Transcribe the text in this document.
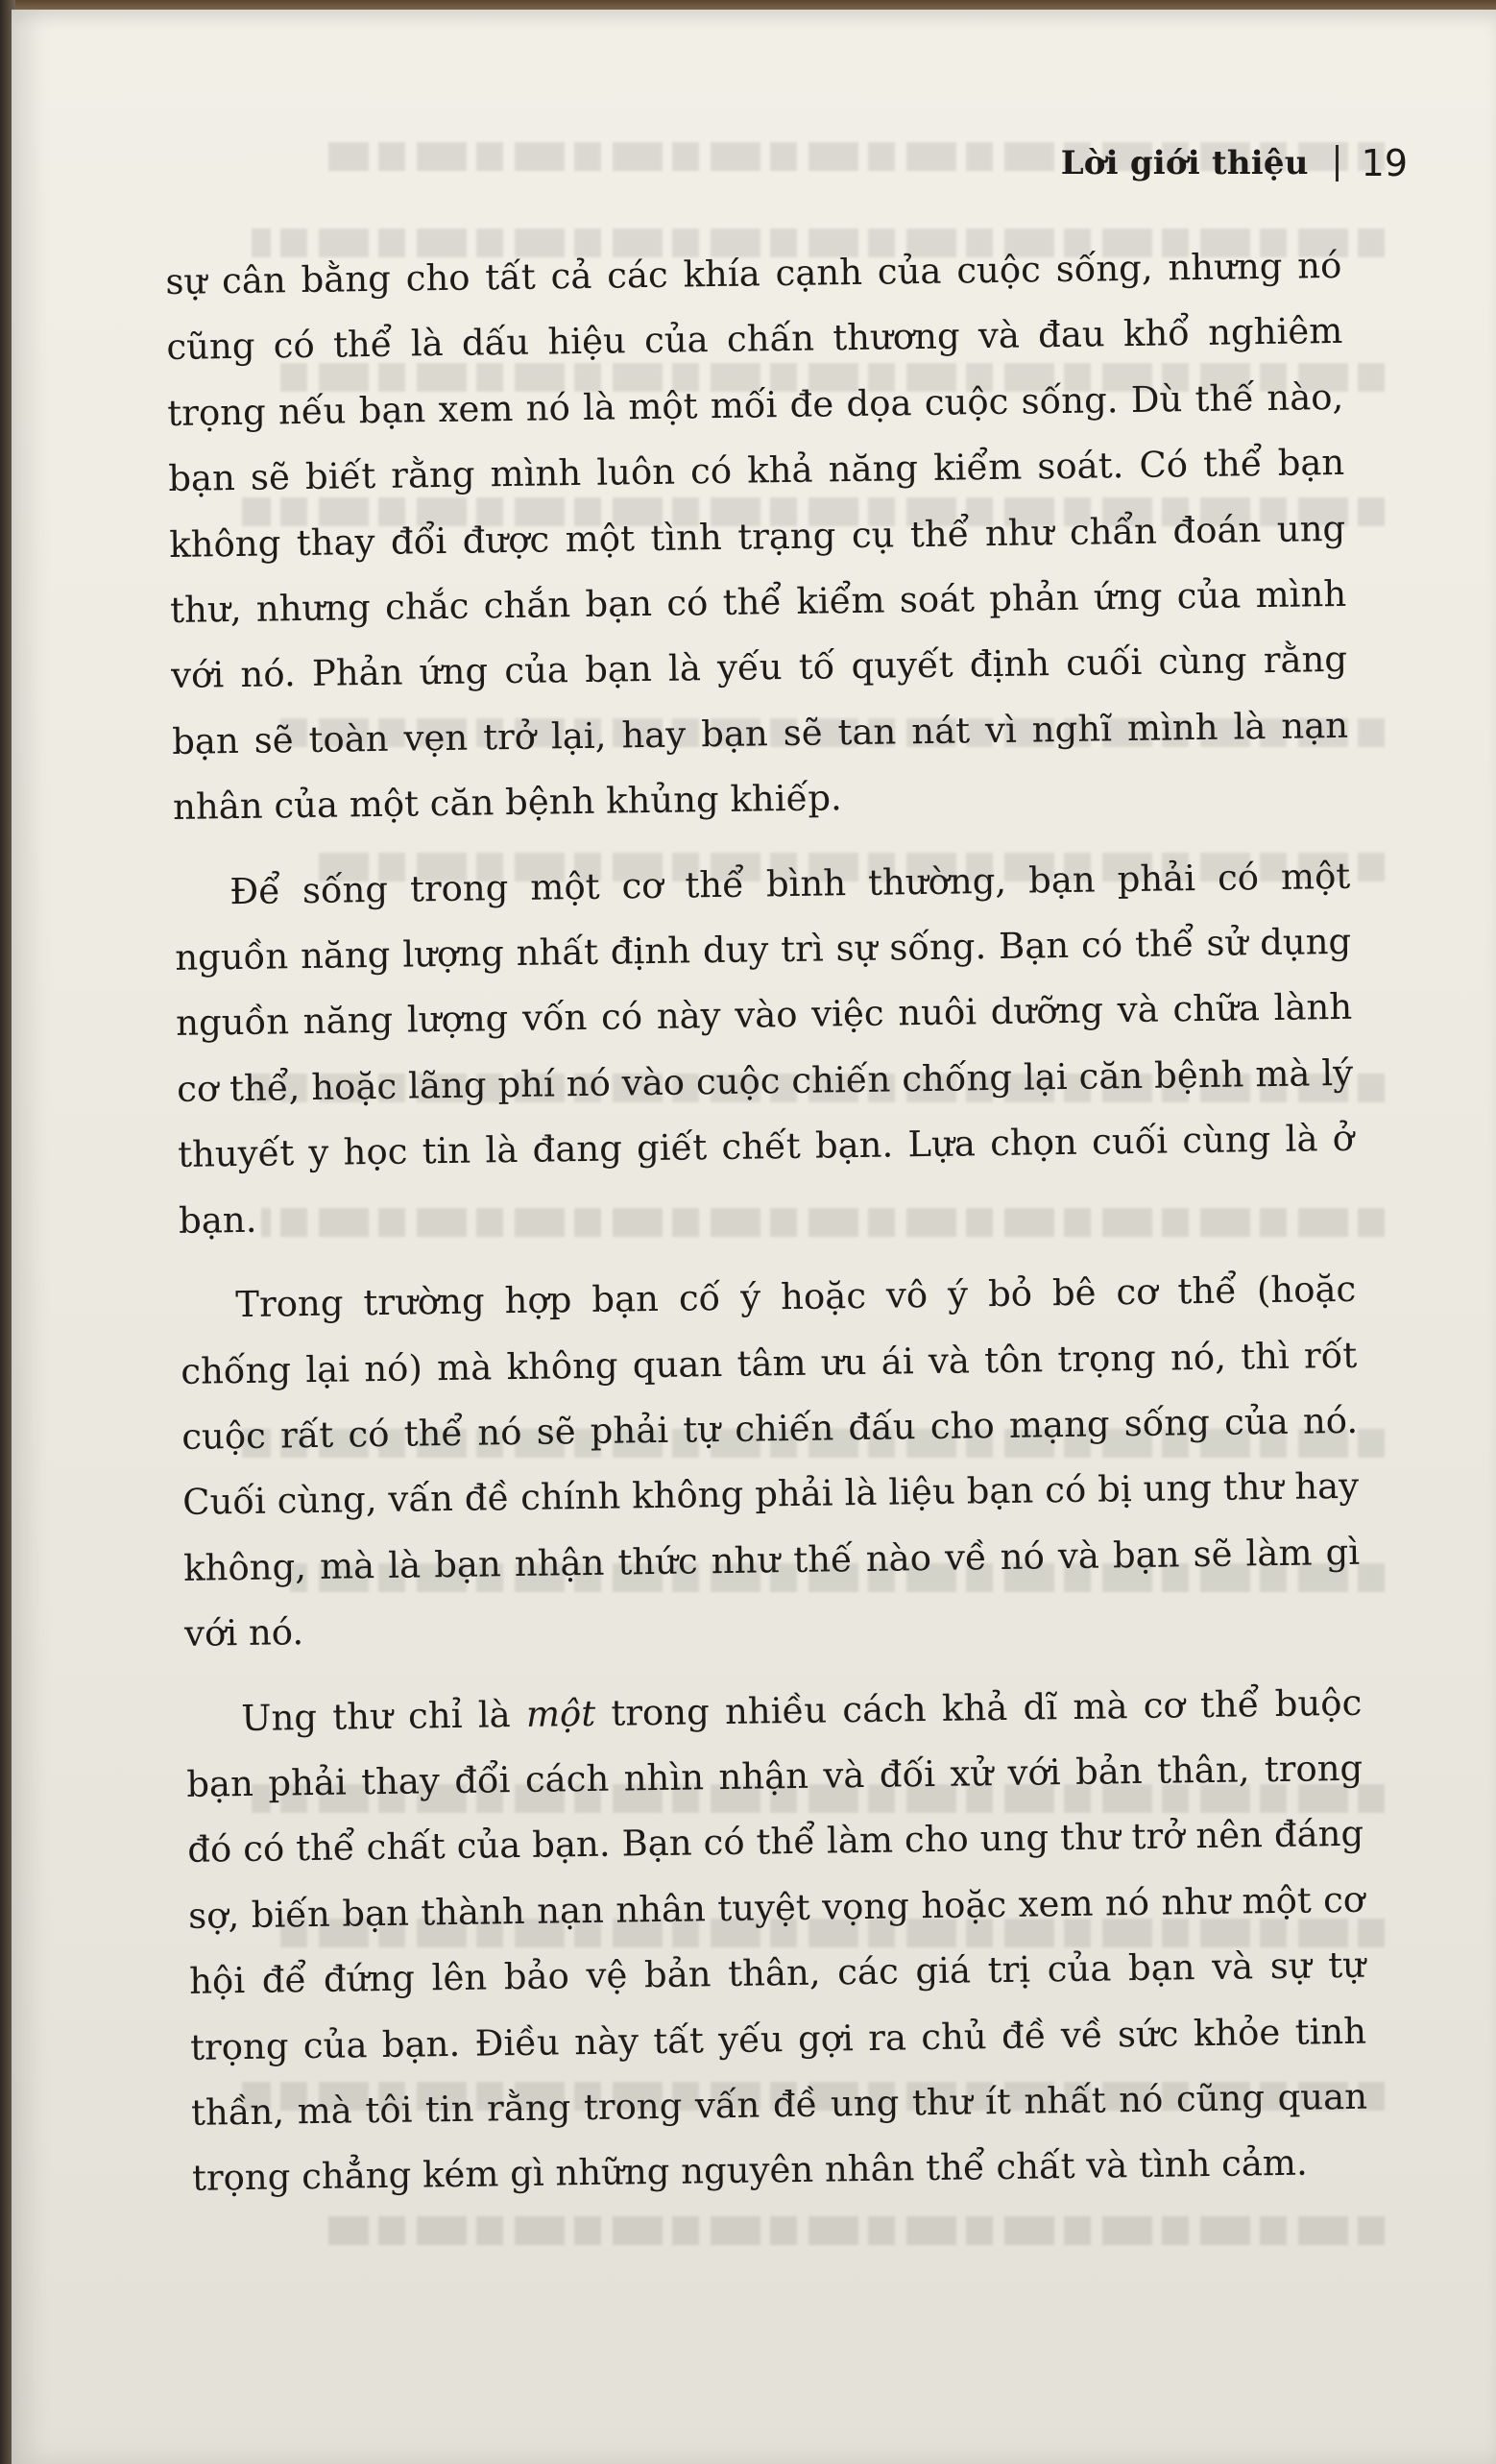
Lời giới thiệu 19

sự cân bằng cho tất cả các khía cạnh của cuộc sống, nhưng nó cũng có thể là dấu hiệu của chấn thương và đau khổ nghiêm trọng nếu bạn xem nó là một mối đe dọa cuộc sống. Dù thế nào, bạn sẽ biết rằng mình luôn có khả năng kiểm soát. Có thể bạn không thay đổi được một tình trạng cụ thể như chẩn đoán ung thư, nhưng chắc chắn bạn có thể kiểm soát phản ứng của mình với nó. Phản ứng của bạn là yếu tố quyết định cuối cùng rằng bạn sẽ toàn vẹn trở lại, hay bạn sẽ tan nát vì nghĩ mình là nạn nhân của một căn bệnh khủng khiếp.

Để sống trong một cơ thể bình thường, bạn phải có một nguồn năng lượng nhất định duy trì sự sống. Bạn có thể sử dụng nguồn năng lượng vốn có này vào việc nuôi dưỡng và chữa lành cơ thể, hoặc lãng phí nó vào cuộc chiến chống lại căn bệnh mà lý thuyết y học tin là đang giết chết bạn. Lựa chọn cuối cùng là ở bạn.

Trong trường hợp bạn cố ý hoặc vô ý bỏ bê cơ thể (hoặc chống lại nó) mà không quan tâm ưu ái và tôn trọng nó, thì rốt cuộc rất có thể nó sẽ phải tự chiến đấu cho mạng sống của nó. Cuối cùng, vấn đề chính không phải là liệu bạn có bị ung thư hay không, mà là bạn nhận thức như thế nào về nó và bạn sẽ làm gì với nó.

Ung thư chỉ là một trong nhiều cách khả dĩ mà cơ thể buộc bạn phải thay đổi cách nhìn nhận và đối xử với bản thân, trong đó có thể chất của bạn. Bạn có thể làm cho ung thư trở nên đáng sợ, biến bạn thành nạn nhân tuyệt vọng hoặc xem nó như một cơ hội để đứng lên bảo vệ bản thân, các giá trị của bạn và sự tự trọng của bạn. Điều này tất yếu gợi ra chủ đề về sức khỏe tinh thần, mà tôi tin rằng trong vấn đề ung thư ít nhất nó cũng quan trọng chẳng kém gì những nguyên nhân thể chất và tình cảm.
